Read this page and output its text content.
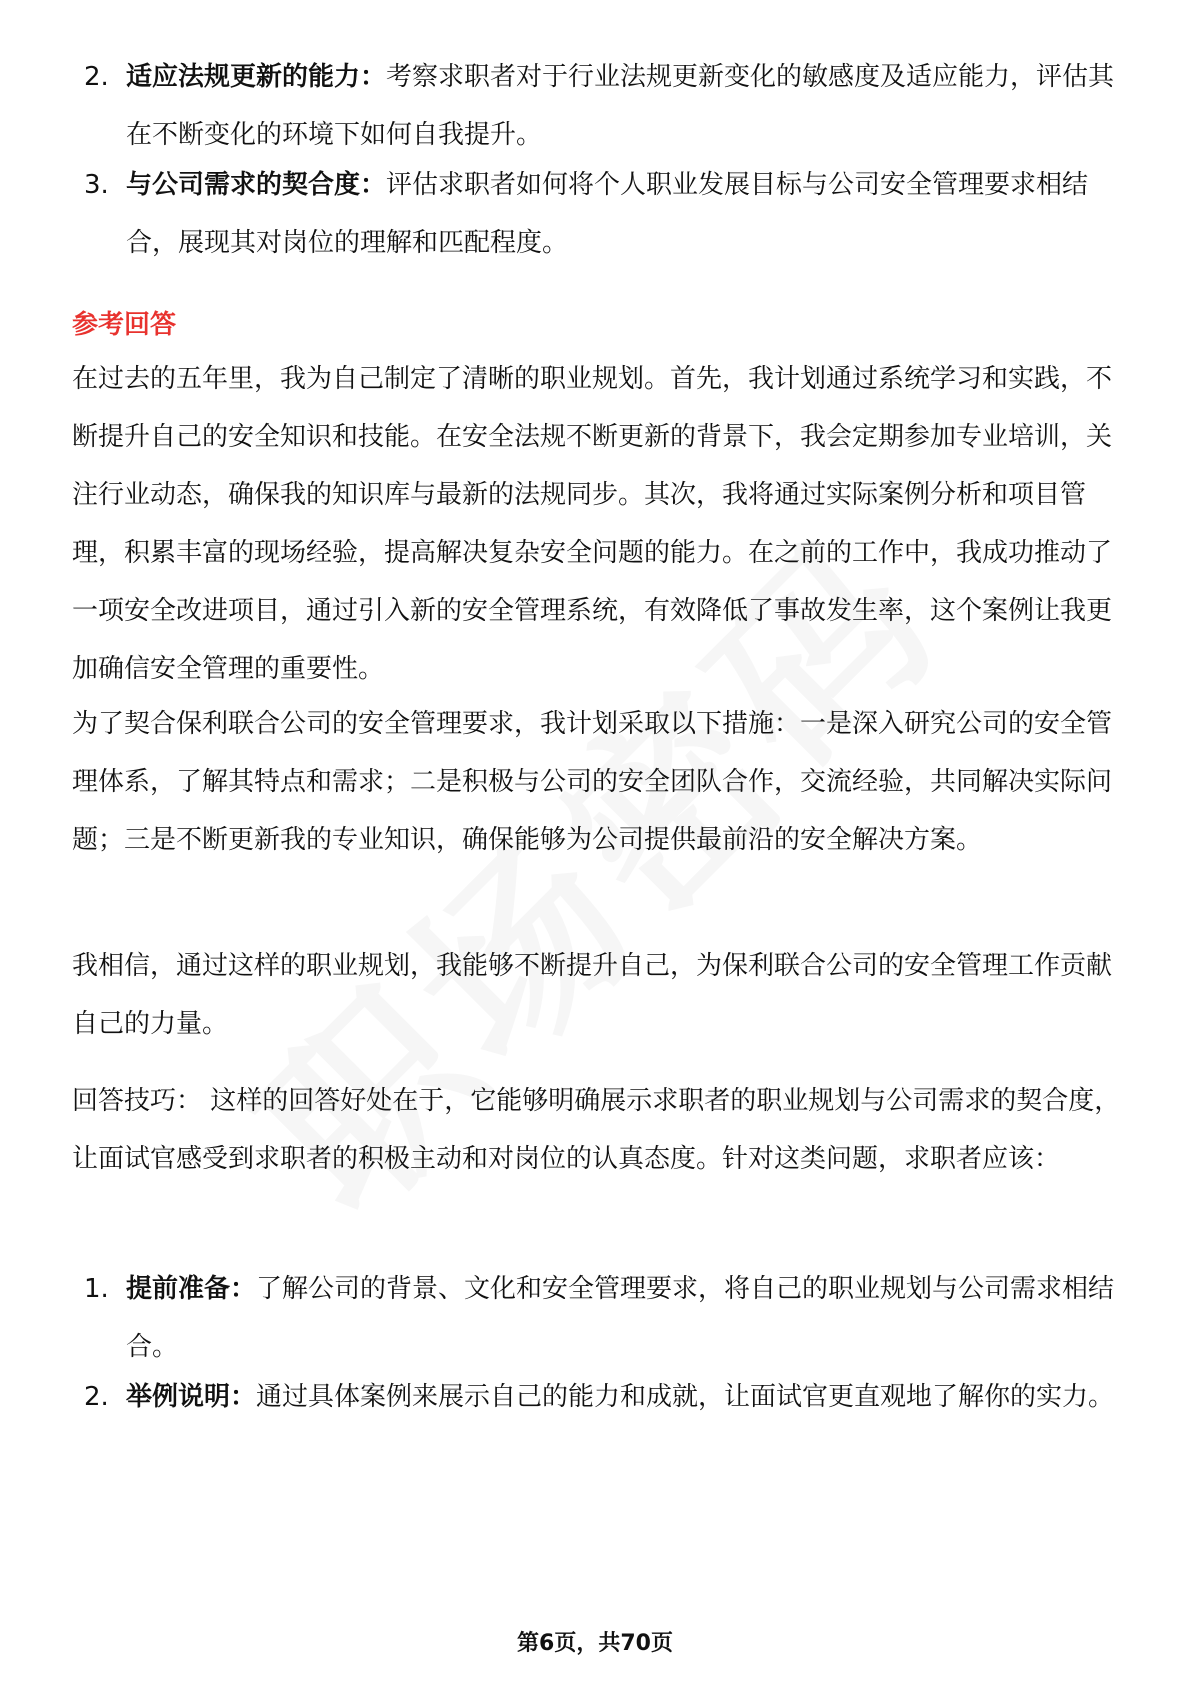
2. 适应法规更新的能力：考察求职者对于行业法规更新变化的敏感度及适应能力，评估其在不断变化的环境下如何自我提升。
3. 与公司需求的契合度：评估求职者如何将个人职业发展目标与公司安全管理要求相结合，展现其对岗位的理解和匹配程度。
参考回答

在过去的五年里，我为自己制定了清晰的职业规划。首先，我计划通过系统学习和实践，不断提升自己的安全知识和技能。在安全法规不断更新的背景下，我会定期参加专业培训，关注行业动态，确保我的知识库与最新的法规同步。其次，我将通过实际案例分析和项目管理，积累丰富的现场经验，提高解决复杂安全问题的能力。在之前的工作中，我成功推动了一项安全改进项目，通过引入新的安全管理系统，有效降低了事故发生率，这个案例让我更加确信安全管理的重要性。

为了契合保利联合公司的安全管理要求，我计划采取以下措施：一是深入研究公司的安全管理体系，了解其特点和需求；二是积极与公司的安全团队合作，交流经验，共同解决实际问题；三是不断更新我的专业知识，确保能够为公司提供最前沿的安全解决方案。

我相信，通过这样的职业规划，我能够不断提升自己，为保利联合公司的安全管理工作贡献自己的力量。

回答技巧： 这样的回答好处在于，它能够明确展示求职者的职业规划与公司需求的契合度，让面试官感受到求职者的积极主动和对岗位的认真态度。针对这类问题，求职者应该：

1. 提前准备：了解公司的背景、文化和安全管理要求，将自己的职业规划与公司需求相结合。
2. 举例说明：通过具体案例来展示自己的能力和成就，让面试官更直观地了解你的实力。
第6页，共70页
